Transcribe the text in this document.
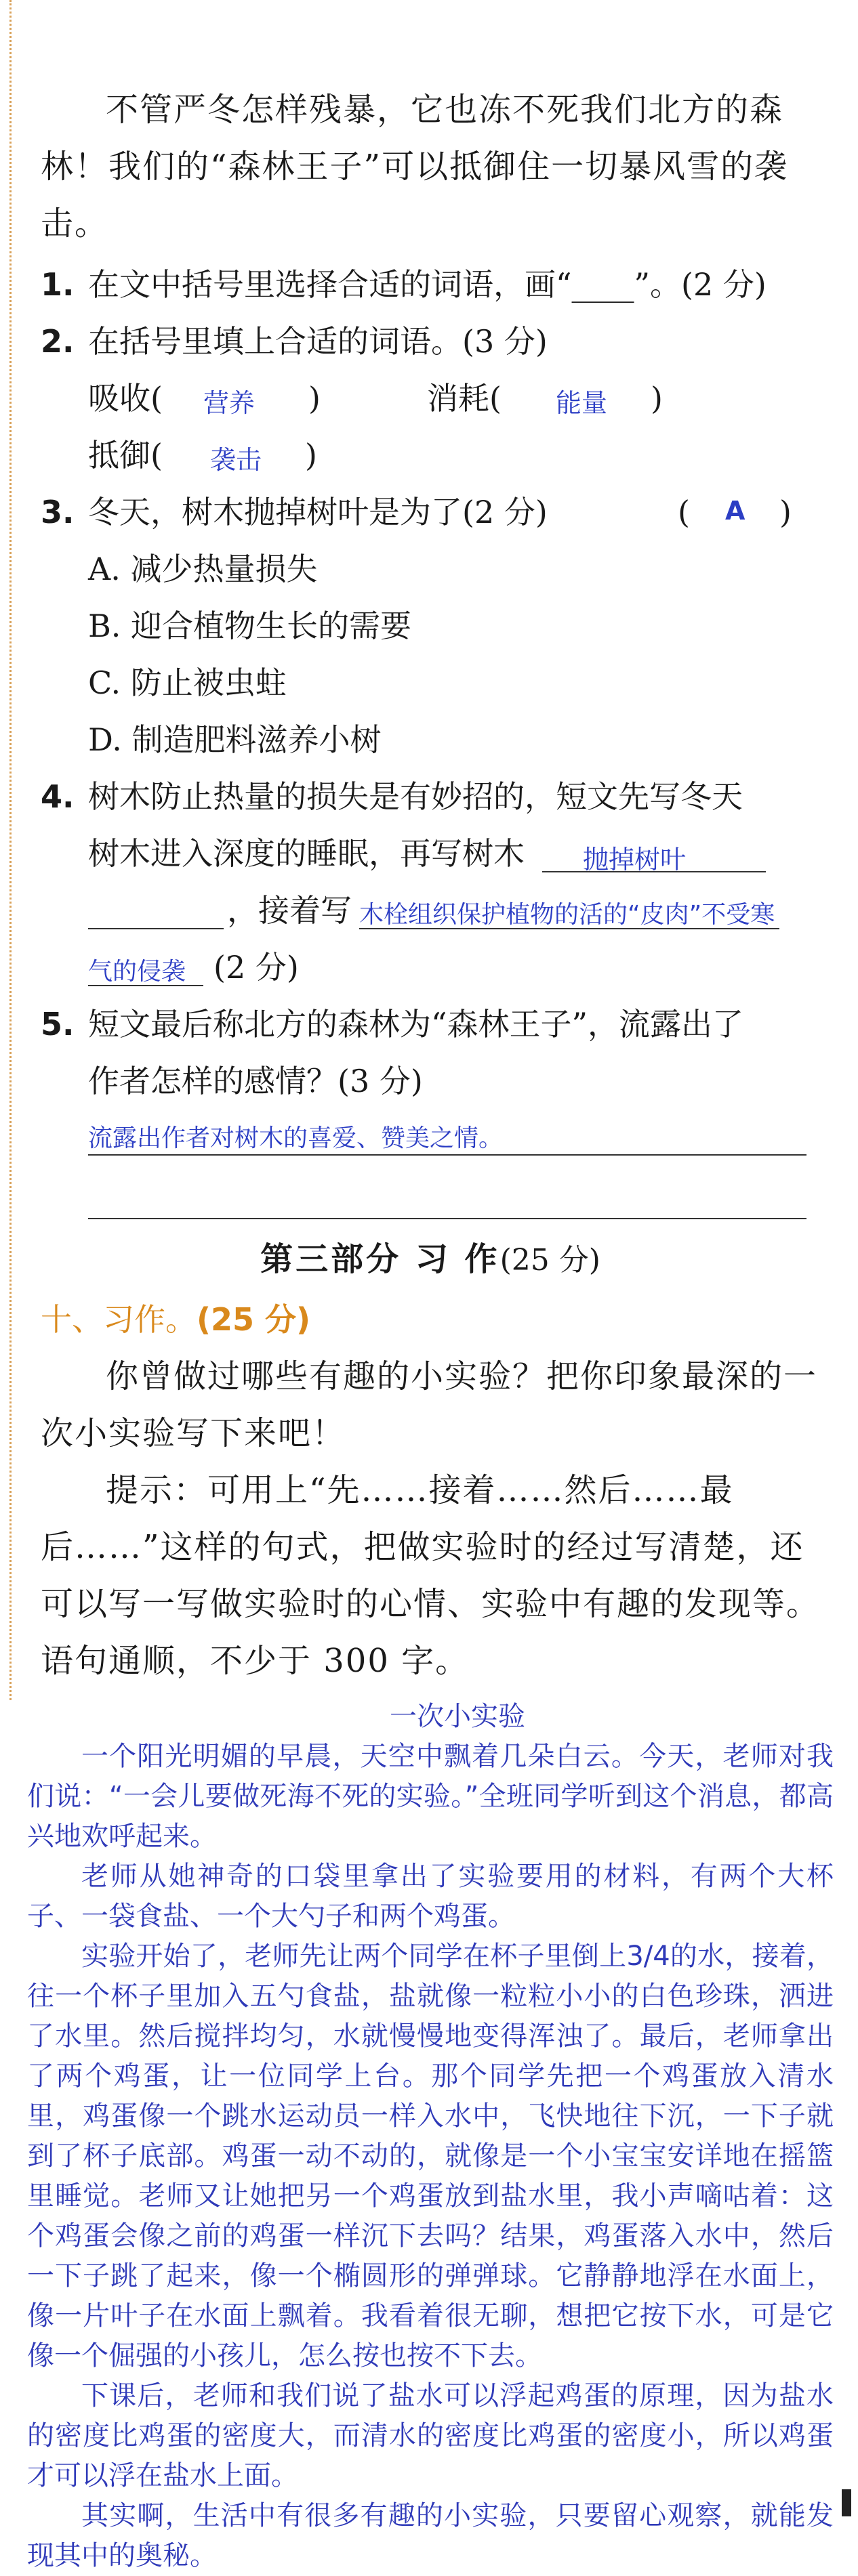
不管严冬怎样残暴，它也冻不死我们北方的森林！我们的“森林王子”可以抵御住一切暴风雪的袭击。

1. 在文中括号里选择合适的词语，画“____”。(2 分)

2. 在括号里填上合适的词语。(3 分)

吸收( 营养 )	消耗( 能量 )
抵御( 袭击 )
3. 冬天，树木抛掉树叶是为了(2 分)	( A )

A. 减少热量损失

B. 迎合植物生长的需要

C. 防止被虫蛀

D. 制造肥料滋养小树

4. 树木防止热量的损失是有妙招的，短文先写冬天

树木进入深度的睡眠，再写树木 抛掉树叶
，接着写 木栓组织保护植物的活的“皮肉”不受寒
气的侵袭 (2 分)

5. 短文最后称北方的森林为“森林王子”，流露出了

作者怎样的感情？(3 分)

流露出作者对树木的喜爱、赞美之情。
第三部分 习 作(25 分)
十、习作。(25 分)

你曾做过哪些有趣的小实验？把你印象最深的一次小实验写下来吧！

提示：可用上“先……接着……然后……最后……”这样的句式，把做实验时的经过写清楚，还可以写一写做实验时的心情、实验中有趣的发现等。语句通顺，不少于 300 字。

一次小实验

一个阳光明媚的早晨，天空中飘着几朵白云。今天，老师对我们说：“一会儿要做死海不死的实验。”全班同学听到这个消息，都高兴地欢呼起来。

老师从她神奇的口袋里拿出了实验要用的材料，有两个大杯子、一袋食盐、一个大勺子和两个鸡蛋。

实验开始了，老师先让两个同学在杯子里倒上3/4的水，接着，往一个杯子里加入五勺食盐，盐就像一粒粒小小的白色珍珠，洒进了水里。然后搅拌均匀，水就慢慢地变得浑浊了。最后，老师拿出了两个鸡蛋，让一位同学上台。那个同学先把一个鸡蛋放入清水里，鸡蛋像一个跳水运动员一样入水中，飞快地往下沉，一下子就到了杯子底部。鸡蛋一动不动的，就像是一个小宝宝安详地在摇篮里睡觉。老师又让她把另一个鸡蛋放到盐水里，我小声嘀咕着：这个鸡蛋会像之前的鸡蛋一样沉下去吗？结果，鸡蛋落入水中，然后一下子跳了起来，像一个椭圆形的弹弹球。它静静地浮在水面上，像一片叶子在水面上飘着。我看着很无聊，想把它按下水，可是它像一个倔强的小孩儿，怎么按也按不下去。

下课后，老师和我们说了盐水可以浮起鸡蛋的原理，因为盐水的密度比鸡蛋的密度大，而清水的密度比鸡蛋的密度小，所以鸡蛋才可以浮在盐水上面。

其实啊，生活中有很多有趣的小实验，只要留心观察，就能发现其中的奥秘。
